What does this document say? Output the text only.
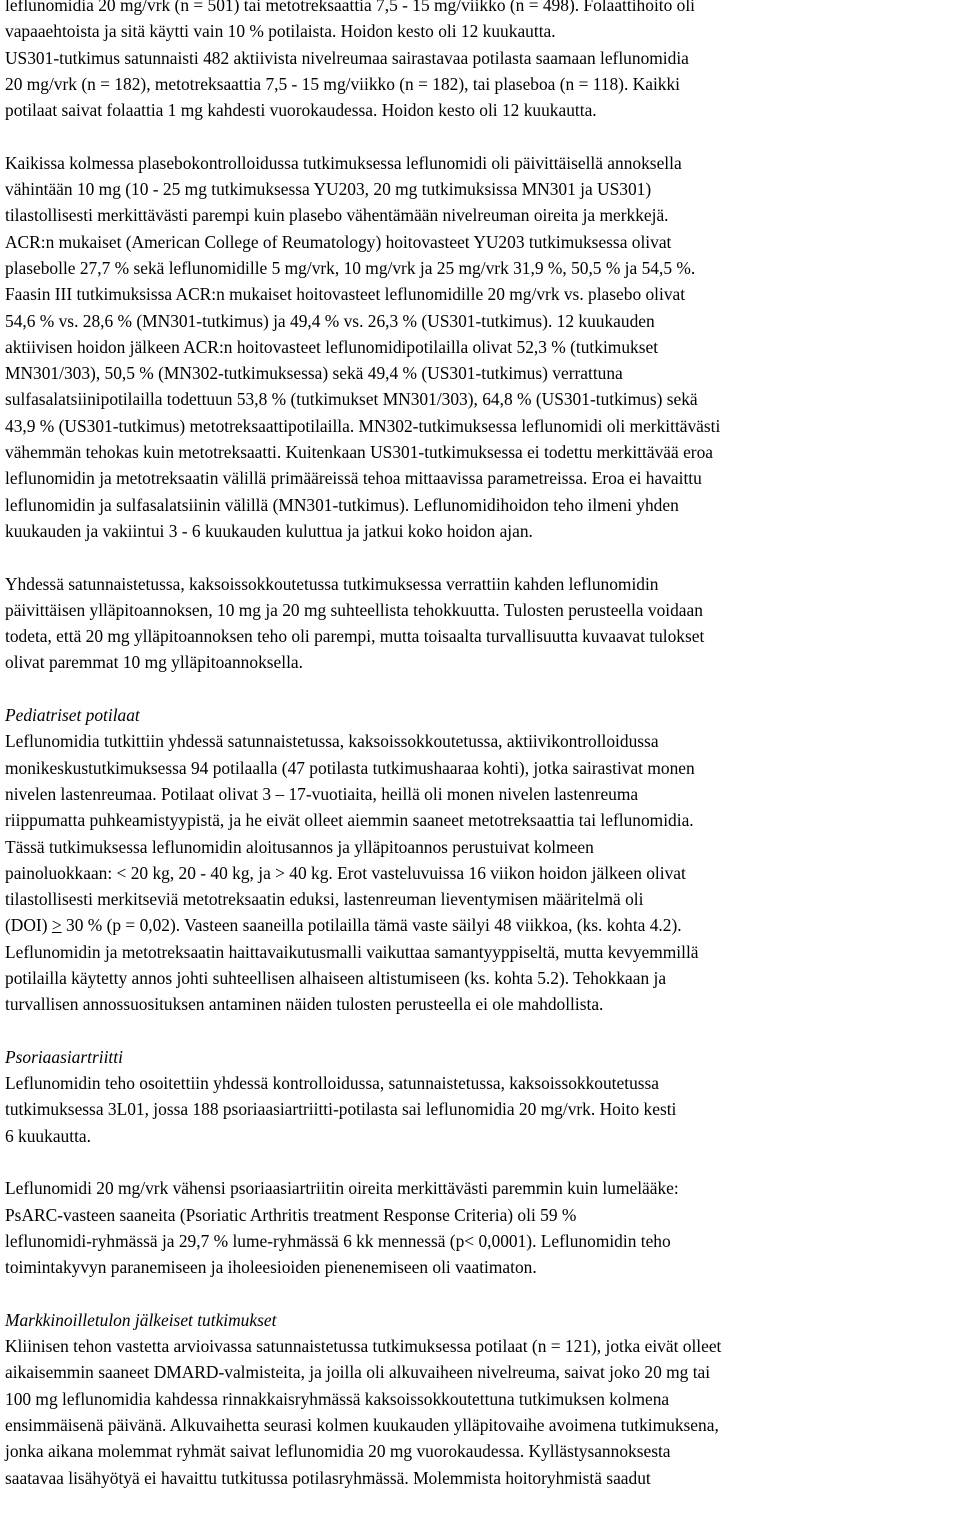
leflunomidia 20 mg/vrk (n = 501) tai metotreksaattia 7,5 - 15 mg/viikko (n = 498). Folaattihoito oli
vapaaehtoista ja sitä käytti vain 10 % potilaista. Hoidon kesto oli 12 kuukautta.
US301-tutkimus satunnaisti 482 aktiivista nivelreumaa sairastavaa potilasta saamaan leflunomidia
20 mg/vrk (n = 182), metotreksaattia 7,5 - 15 mg/viikko (n = 182), tai plaseboa (n = 118). Kaikki
potilaat saivat folaattia 1 mg kahdesti vuorokaudessa. Hoidon kesto oli 12 kuukautta.
Kaikissa kolmessa plasebokontrolloidussa tutkimuksessa leflunomidi oli päivittäisellä annoksella
vähintään 10 mg (10 - 25 mg tutkimuksessa YU203, 20 mg tutkimuksissa MN301 ja US301)
tilastollisesti merkittävästi parempi kuin plasebo vähentämään nivelreuman oireita ja merkkejä.
ACR:n mukaiset (American College of Reumatology) hoitovasteet YU203 tutkimuksessa olivat
plasebolle 27,7 % sekä leflunomidille 5 mg/vrk, 10 mg/vrk ja 25 mg/vrk 31,9 %, 50,5 % ja 54,5 %.
Faasin III tutkimuksissa ACR:n mukaiset hoitovasteet leflunomidille 20 mg/vrk vs. plasebo olivat
54,6 % vs. 28,6 % (MN301-tutkimus) ja 49,4 % vs. 26,3 % (US301-tutkimus). 12 kuukauden
aktiivisen hoidon jälkeen ACR:n hoitovasteet leflunomidipotilailla olivat 52,3 % (tutkimukset
MN301/303), 50,5 % (MN302-tutkimuksessa) sekä 49,4 % (US301-tutkimus) verrattuna
sulfasalatsiinipotilailla todettuun 53,8 % (tutkimukset MN301/303), 64,8 % (US301-tutkimus) sekä
43,9 % (US301-tutkimus) metotreksaattipotilailla. MN302-tutkimuksessa leflunomidi oli merkittävästi
vähemmän tehokas kuin metotreksaatti. Kuitenkaan US301-tutkimuksessa ei todettu merkittävää eroa
leflunomidin ja metotreksaatin välillä primääreissä tehoa mittaavissa parametreissa. Eroa ei havaittu
leflunomidin ja sulfasalatsiinin välillä (MN301-tutkimus). Leflunomidihoidon teho ilmeni yhden
kuukauden ja vakiintui 3 - 6 kuukauden kuluttua ja jatkui koko hoidon ajan.
Yhdessä satunnaistetussa, kaksoissokkoutetussa tutkimuksessa verrattiin kahden leflunomidin
päivittäisen ylläpitoannoksen, 10 mg ja 20 mg suhteellista tehokkuutta. Tulosten perusteella voidaan
todeta, että 20 mg ylläpitoannoksen teho oli parempi, mutta toisaalta turvallisuutta kuvaavat tulokset
olivat paremmat 10 mg ylläpitoannoksella.
Pediatriset potilaat
Leflunomidia tutkittiin yhdessä satunnaistetussa, kaksoissokkoutetussa, aktiivikontrolloidussa
monikeskustutkimuksessa 94 potilaalla (47 potilasta tutkimushaaraa kohti), jotka sairastivat monen
nivelen lastenreumaa. Potilaat olivat 3 – 17-vuotiaita, heillä oli monen nivelen lastenreuma
riippumatta puhkeamistyypistä, ja he eivät olleet aiemmin saaneet metotreksaattia tai leflunomidia.
Tässä tutkimuksessa leflunomidin aloitusannos ja ylläpitoannos perustuivat kolmeen
painoluokkaan: < 20 kg, 20 - 40 kg, ja > 40 kg. Erot vasteluvuissa 16 viikon hoidon jälkeen olivat
tilastollisesti merkitseviä metotreksaatin eduksi, lastenreuman lieventymisen määritelmä oli
(DOI) ≥ 30 % (p = 0,02). Vasteen saaneilla potilailla tämä vaste säilyi 48 viikkoa, (ks. kohta 4.2).
Leflunomidin ja metotreksaatin haittavaikutusmalli vaikuttaa samantyyppiseltä, mutta kevyemmillä
potilailla käytetty annos johti suhteellisen alhaiseen altistumiseen (ks. kohta 5.2). Tehokkaan ja
turvallisen annossuosituksen antaminen näiden tulosten perusteella ei ole mahdollista.
Psoriaasiartriitti
Leflunomidin teho osoitettiin yhdessä kontrolloidussa, satunnaistetussa, kaksoissokkoutetussa
tutkimuksessa 3L01, jossa 188 psoriaasiartriitti-potilasta sai leflunomidia 20 mg/vrk. Hoito kesti
6 kuukautta.
Leflunomidi 20 mg/vrk vähensi psoriaasiartriitin oireita merkittävästi paremmin kuin lumelääke:
PsARC-vasteen saaneita (Psoriatic Arthritis treatment Response Criteria) oli 59 %
leflunomidi-ryhmässä ja 29,7 % lume-ryhmässä 6 kk mennessä (p< 0,0001). Leflunomidin teho
toimintakyvyn paranemiseen ja iholeesioiden pienenemiseen oli vaatimaton.
Markkinoilletulon jälkeiset tutkimukset
Kliinisen tehon vastetta arvioivassa satunnaistetussa tutkimuksessa potilaat (n = 121), jotka eivät olleet
aikaisemmin saaneet DMARD-valmisteita, ja joilla oli alkuvaiheen nivelreuma, saivat joko 20 mg tai
100 mg leflunomidia kahdessa rinnakkaisryhmässä kaksoissokkoutettuna tutkimuksen kolmena
ensimmäisenä päivänä. Alkuvaihetta seurasi kolmen kuukauden ylläpitovaihe avoimena tutkimuksena,
jonka aikana molemmat ryhmät saivat leflunomidia 20 mg vuorokaudessa. Kyllästysannoksesta
saatavaa lisähyötyä ei havaittu tutkitussa potilasryhmässä. Molemmista hoitoryhmistä saadut
